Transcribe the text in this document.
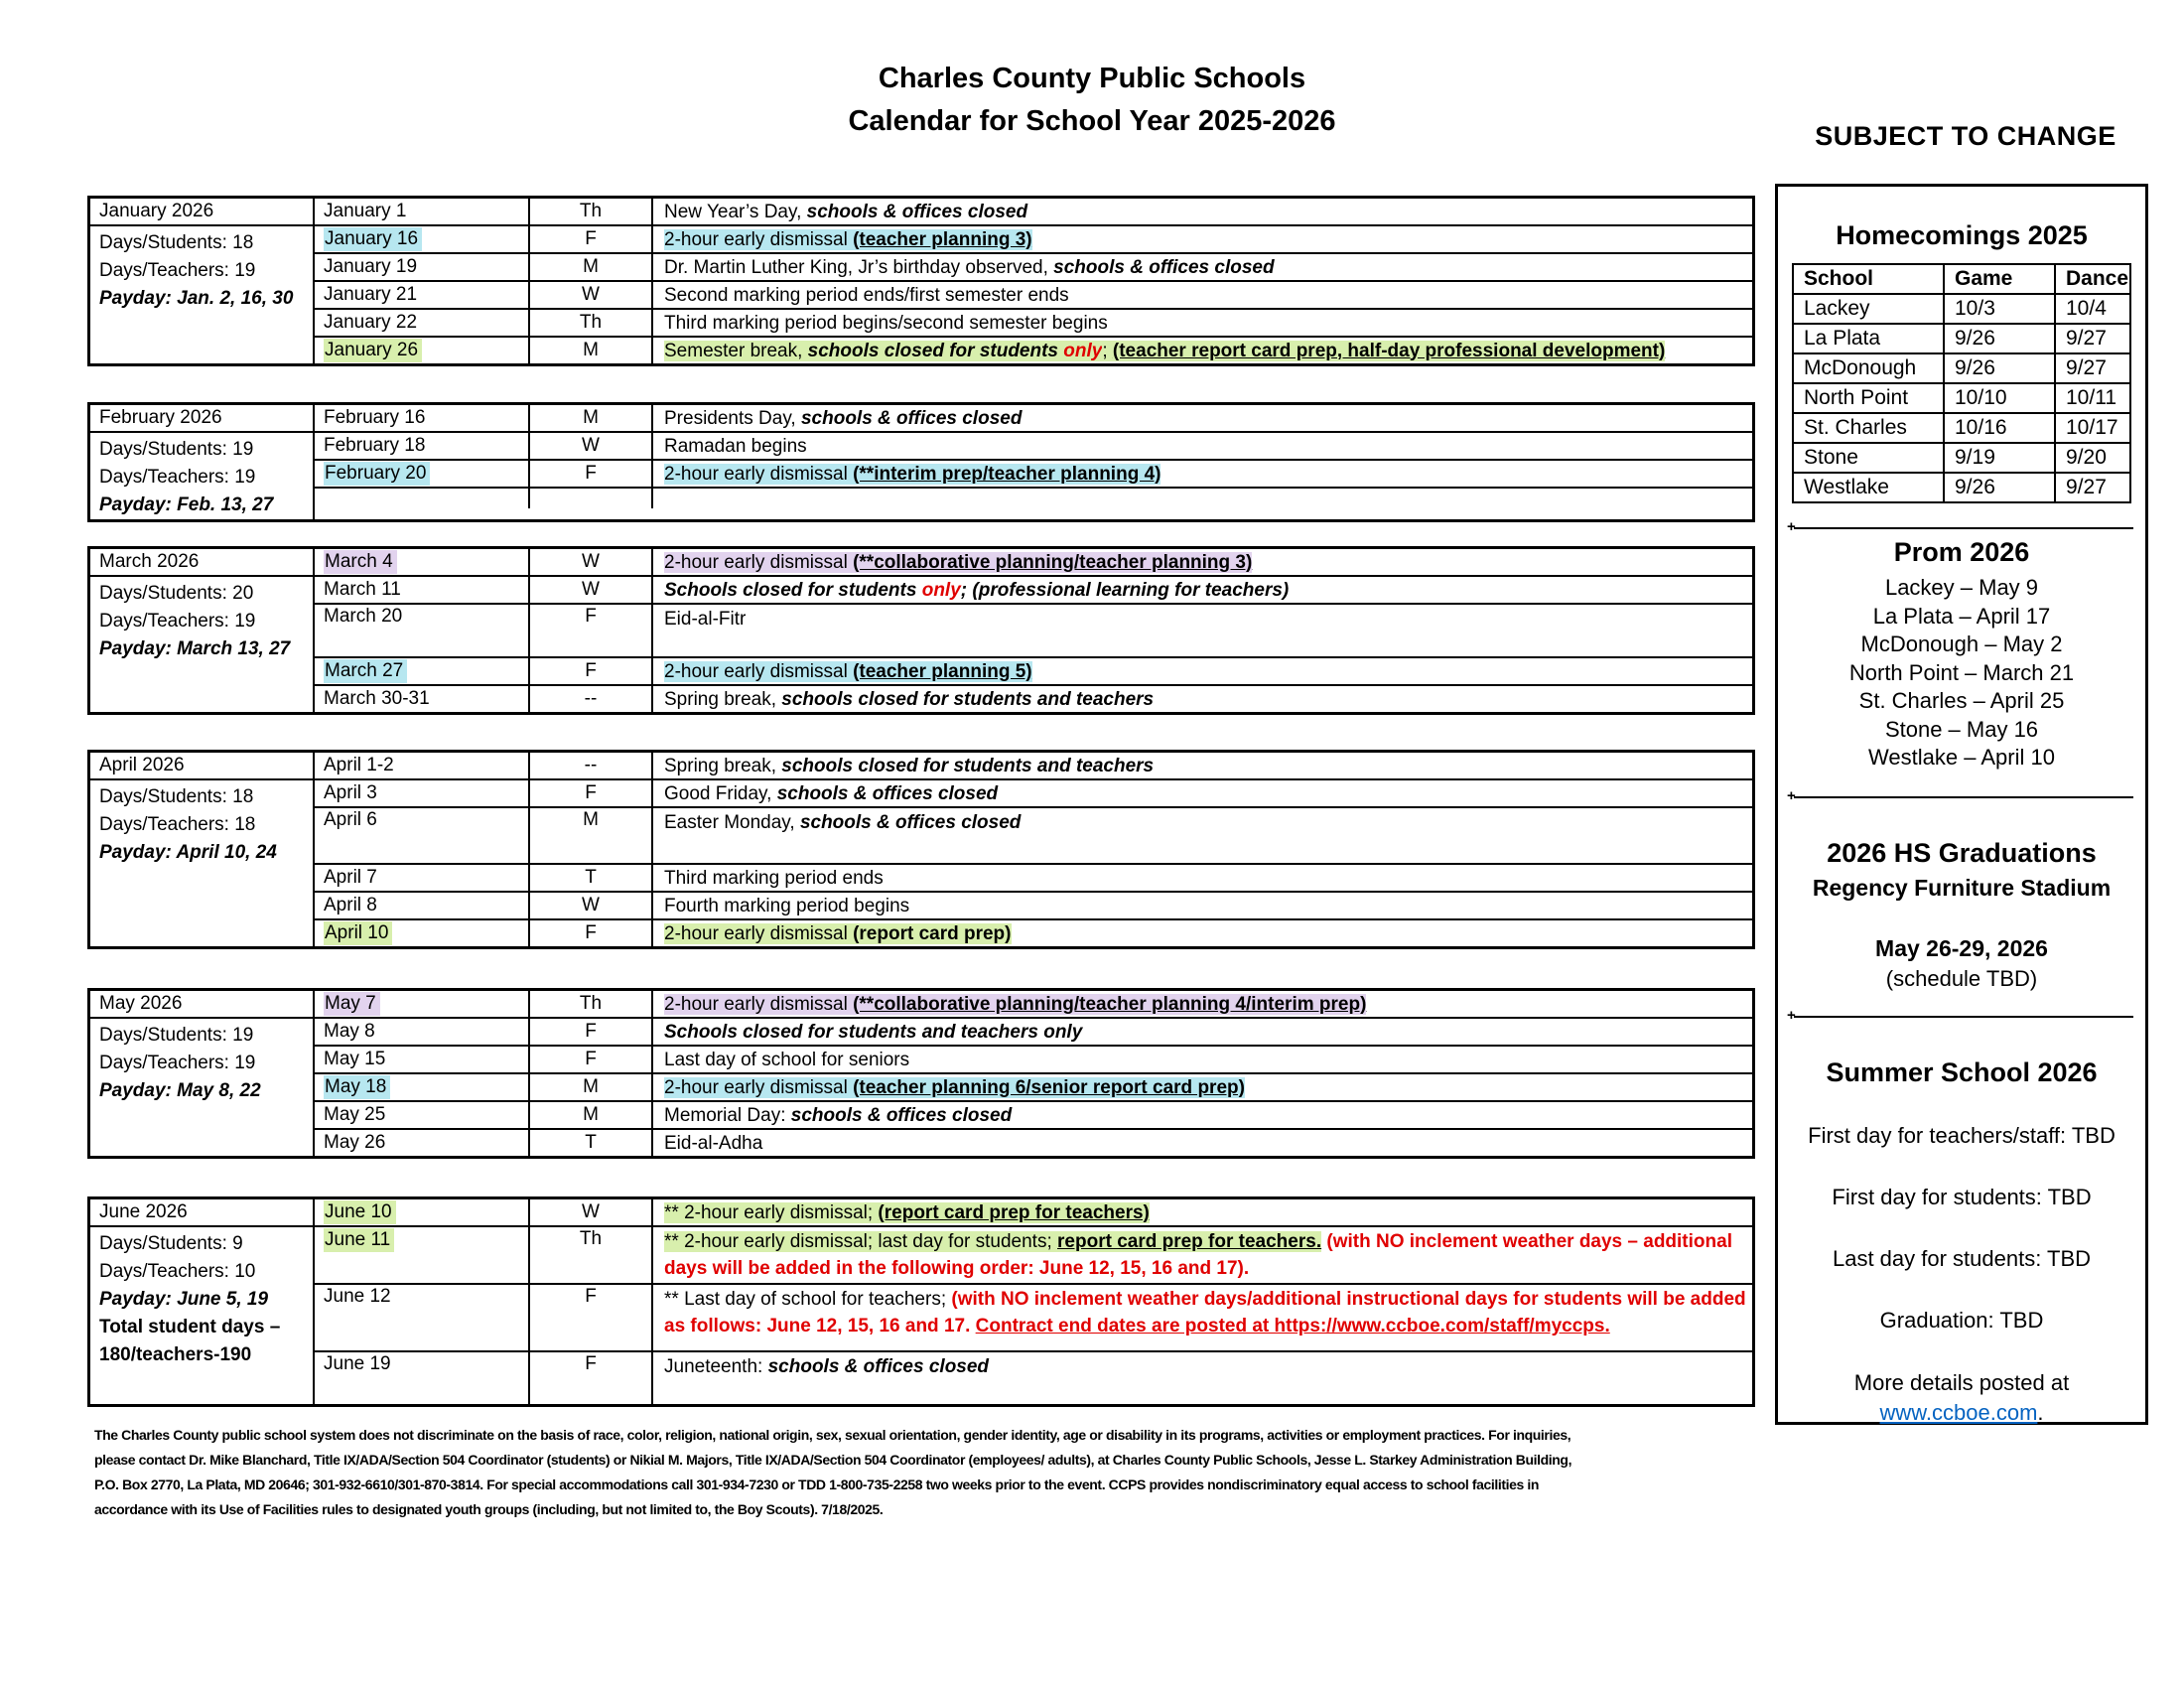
Charles County Public Schools
Calendar for School Year 2025-2026	SUBJECT TO CHANGE
January 2026
Days/Students: 18
Days/Teachers: 19
Payday: Jan. 2, 16, 30
January 1	Th	New Year’s Day, schools & offices closed
January 16	F	2-hour early dismissal (teacher planning 3)
January 19	M	Dr. Martin Luther King, Jr’s birthday observed, schools & offices closed
January 21	W	Second marking period ends/first semester ends
January 22	Th	Third marking period begins/second semester begins
January 26	M	Semester break, schools closed for students only; (teacher report card prep, half-day professional development)
February 2026
Days/Students: 19
Days/Teachers: 19
Payday: Feb. 13, 27
February 16	M	Presidents Day, schools & offices closed
February 18	W	Ramadan begins
February 20	F	2-hour early dismissal (**interim prep/teacher planning 4)
March 2026
Days/Students: 20
Days/Teachers: 19
Payday: March 13, 27
March 4	W	2-hour early dismissal (**collaborative planning/teacher planning 3)
March 11	W	Schools closed for students only; (professional learning for teachers)
March 20	F	Eid-al-Fitr
March 27	F	2-hour early dismissal (teacher planning 5)
March 30-31	--	Spring break, schools closed for students and teachers
April 2026
Days/Students: 18
Days/Teachers: 18
Payday: April 10, 24
April 1-2	--	Spring break, schools closed for students and teachers
April 3	F	Good Friday, schools & offices closed
April 6	M	Easter Monday, schools & offices closed
April 7	T	Third marking period ends
April 8	W	Fourth marking period begins
April 10	F	2-hour early dismissal (report card prep)
May 2026
Days/Students: 19
Days/Teachers: 19
Payday: May 8, 22
May 7	Th	2-hour early dismissal (**collaborative planning/teacher planning 4/interim prep)
May 8	F	Schools closed for students and teachers only
May 15	F	Last day of school for seniors
May 18	M	2-hour early dismissal (teacher planning 6/senior report card prep)
May 25	M	Memorial Day: schools & offices closed
May 26	T	Eid-al-Adha
June 2026
Days/Students: 9
Days/Teachers: 10
Payday: June 5, 19
Total student days –
180/teachers-190
June 10	W	** 2-hour early dismissal; (report card prep for teachers)
June 11	Th	** 2-hour early dismissal; last day for students; report card prep for teachers. (with NO inclement weather days – additional days will be added in the following order: June 12, 15, 16 and 17).
June 12	F	** Last day of school for teachers; (with NO inclement weather days/additional instructional days for students will be added as follows: June 12, 15, 16 and 17. Contract end dates are posted at https://www.ccboe.com/staff/myccps.
June 19	F	Juneteenth: schools & offices closed
Homecomings 2025
School	Game	Dance
Lackey	10/3	10/4
La Plata	9/26	9/27
McDonough	9/26	9/27
North Point	10/10	10/11
St. Charles	10/16	10/17
Stone	9/19	9/20
Westlake	9/26	9/27
+
Prom 2026
Lackey – May 9
La Plata – April 17
McDonough – May 2
North Point – March 21
St. Charles – April 25
Stone – May 16
Westlake – April 10
+
2026 HS Graduations
Regency Furniture Stadium
May 26-29, 2026
(schedule TBD)
+
Summer School 2026
First day for teachers/staff: TBD
First day for students: TBD
Last day for students: TBD
Graduation: TBD
More details posted at
www.ccboe.com.
The Charles County public school system does not discriminate on the basis of race, color, religion, national origin, sex, sexual orientation, gender identity, age or disability in its programs, activities or employment practices. For inquiries,
please contact Dr. Mike Blanchard, Title IX/ADA/Section 504 Coordinator (students) or Nikial M. Majors, Title IX/ADA/Section 504 Coordinator (employees/ adults), at Charles County Public Schools, Jesse L. Starkey Administration Building,
P.O. Box 2770, La Plata, MD 20646; 301-932-6610/301-870-3814. For special accommodations call 301-934-7230 or TDD 1-800-735-2258 two weeks prior to the event. CCPS provides nondiscriminatory equal access to school facilities in
accordance with its Use of Facilities rules to designated youth groups (including, but not limited to, the Boy Scouts). 7/18/2025.
